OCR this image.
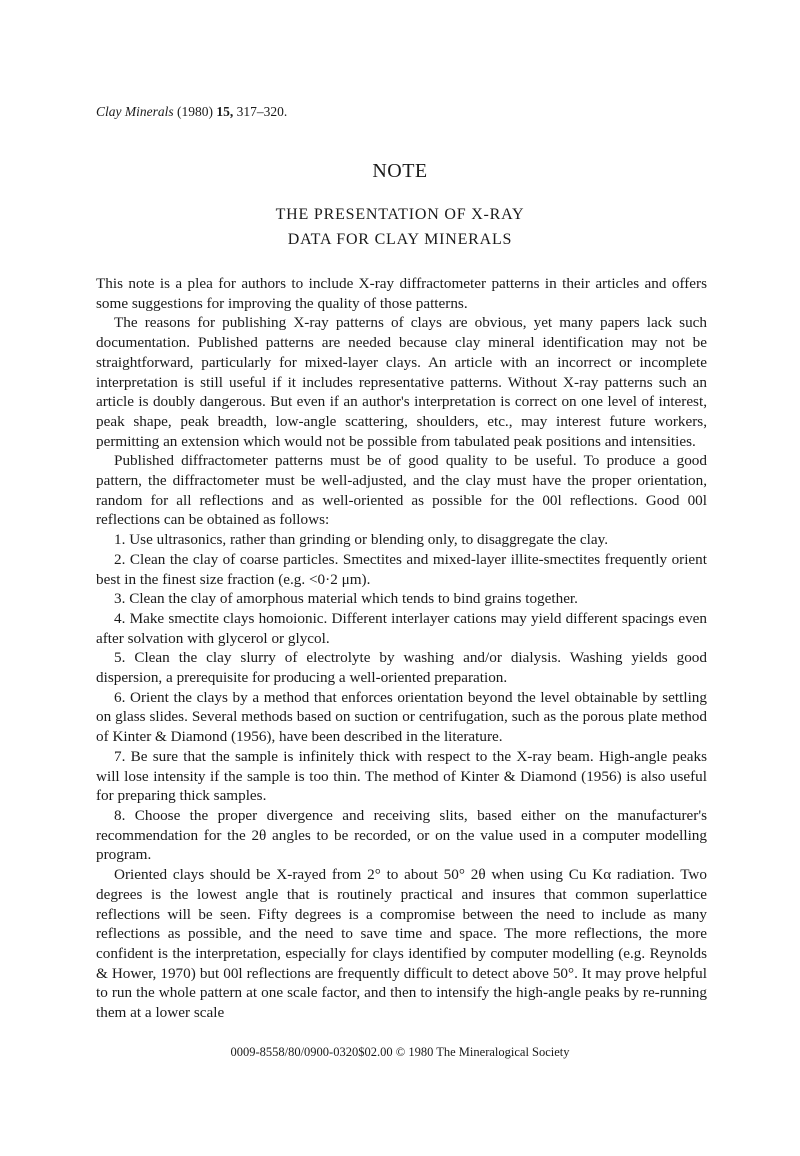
Clay Minerals (1980) 15, 317–320.
NOTE
THE PRESENTATION OF X-RAY
DATA FOR CLAY MINERALS

This note is a plea for authors to include X-ray diffractometer patterns in their articles and offers some suggestions for improving the quality of those patterns.

The reasons for publishing X-ray patterns of clays are obvious, yet many papers lack such documentation. Published patterns are needed because clay mineral identification may not be straightforward, particularly for mixed-layer clays. An article with an incorrect or incomplete interpretation is still useful if it includes representative patterns. Without X-ray patterns such an article is doubly dangerous. But even if an author's interpretation is correct on one level of interest, peak shape, peak breadth, low-angle scattering, shoulders, etc., may interest future workers, permitting an extension which would not be possible from tabulated peak positions and intensities.

Published diffractometer patterns must be of good quality to be useful. To produce a good pattern, the diffractometer must be well-adjusted, and the clay must have the proper orientation, random for all reflections and as well-oriented as possible for the 00l reflections. Good 00l reflections can be obtained as follows:

1. Use ultrasonics, rather than grinding or blending only, to disaggregate the clay.

2. Clean the clay of coarse particles. Smectites and mixed-layer illite-smectites frequently orient best in the finest size fraction (e.g. <0·2 μm).

3. Clean the clay of amorphous material which tends to bind grains together.

4. Make smectite clays homoionic. Different interlayer cations may yield different spacings even after solvation with glycerol or glycol.

5. Clean the clay slurry of electrolyte by washing and/or dialysis. Washing yields good dispersion, a prerequisite for producing a well-oriented preparation.

6. Orient the clays by a method that enforces orientation beyond the level obtainable by settling on glass slides. Several methods based on suction or centrifugation, such as the porous plate method of Kinter & Diamond (1956), have been described in the literature.

7. Be sure that the sample is infinitely thick with respect to the X-ray beam. High-angle peaks will lose intensity if the sample is too thin. The method of Kinter & Diamond (1956) is also useful for preparing thick samples.

8. Choose the proper divergence and receiving slits, based either on the manufacturer's recommendation for the 2θ angles to be recorded, or on the value used in a computer modelling program.

Oriented clays should be X-rayed from 2° to about 50° 2θ when using Cu Kα radiation. Two degrees is the lowest angle that is routinely practical and insures that common superlattice reflections will be seen. Fifty degrees is a compromise between the need to include as many reflections as possible, and the need to save time and space. The more reflections, the more confident is the interpretation, especially for clays identified by computer modelling (e.g. Reynolds & Hower, 1970) but 00l reflections are frequently difficult to detect above 50°. It may prove helpful to run the whole pattern at one scale factor, and then to intensify the high-angle peaks by re-running them at a lower scale

0009-8558/80/0900-0320$02.00 © 1980 The Mineralogical Society
